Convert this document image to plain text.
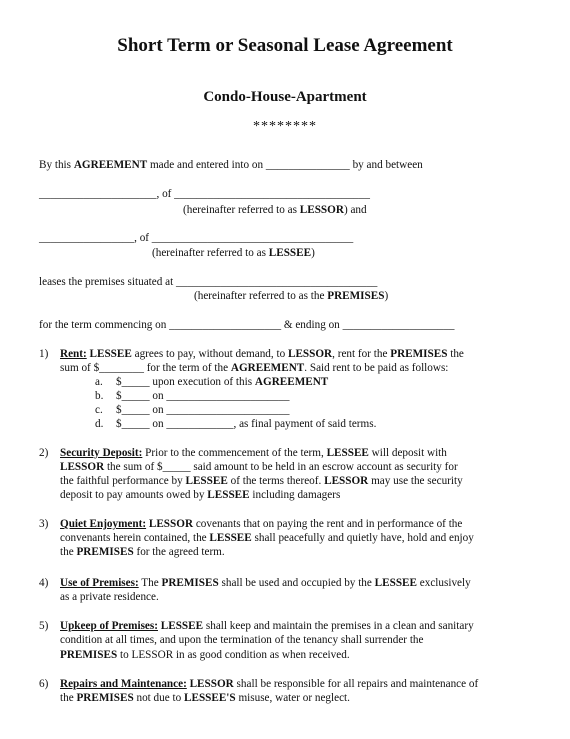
Short Term or Seasonal Lease Agreement
Condo-House-Apartment
********
By this AGREEMENT made and entered into on _______________ by and between
_____________________, of ___________________________________
(hereinafter referred to as LESSOR) and
_________________, of ____________________________________
(hereinafter referred to as LESSEE)
leases the premises situated at ____________________________________
(hereinafter referred to as the PREMISES)
for the term commencing on ____________________ & ending on ____________________
1) Rent: LESSEE agrees to pay, without demand, to LESSOR, rent for the PREMISES the
sum of $________ for the term of the AGREEMENT. Said rent to be paid as follows:
a. $_____ upon execution of this AGREEMENT
b. $_____ on ______________________
c. $_____ on ______________________
d. $_____ on ____________, as final payment of said terms.
2) Security Deposit: Prior to the commencement of the term, LESSEE will deposit with
LESSOR the sum of $_____ said amount to be held in an escrow account as security for
the faithful performance by LESSEE of the terms thereof. LESSOR may use the security
deposit to pay amounts owed by LESSEE including damagers
3) Quiet Enjoyment: LESSOR covenants that on paying the rent and in performance of the
convenants herein contained, the LESSEE shall peacefully and quietly have, hold and enjoy
the PREMISES for the agreed term.
4) Use of Premises: The PREMISES shall be used and occupied by the LESSEE exclusively
as a private residence.
5) Upkeep of Premises: LESSEE shall keep and maintain the premises in a clean and sanitary
condition at all times, and upon the termination of the tenancy shall surrender the
PREMISES to LESSOR in as good condition as when received.
6) Repairs and Maintenance: LESSOR shall be responsible for all repairs and maintenance of
the PREMISES not due to LESSEE'S misuse, water or neglect.
